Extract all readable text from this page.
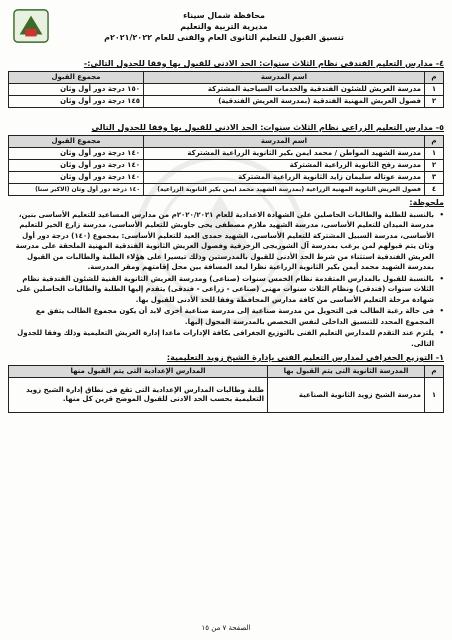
محافظة شمال سيناء
مديرية التربية والتعليم
تنسيق القبول للتعليم الثانوى العام والفنى للعام ٢٠٢١/٢٠٢٢م
٤- مدارس التعليم الفندقى نظام الثلاث سنوات: الحد الادنى للقبول بها وفقا للجدول التالى:-
م	اسم المدرسة	مجموع القبول
١	مدرسة العريش للشئون الفندقية والخدمات السياحية المشتركة	١٥٠ درجة دور أول وثان
٢	فصول العريش المهنية الفندقية (بمدرسة العريش الفندقية)	١٤٥ درجة دور أول وثان
٥- مدارس التعليم الزراعى نظام الثلاث سنوات: الحد الادنى للقبول بها وفقا للجدول التالى
م	اسم المدرسة	مجموع القبول
١	مدرسة الشهيد المواطن / محمد ايمن بكير الثانوية الزراعية المشتركة	١٤٠ درجة دور أول وثان
٢	مدرسة رفح الثانوية الزراعية المشتركة	١٤٠ درجة دور أول وثان
٣	مدرسة عوتاله سليمان زايد الثانوية الزراعية المشتركة	١٤٠ درجة دور أول وثان
٤	فصول العريش الثانوية المهنية الزراعية (بمدرسة الشهيد محمد ايمن بكير الثانوية الزراعية)	١٤٠ درجة دور أول وثان (الاكبر سنا)
ملحوظة:
• بالنسبة للطلبة والطالبات الحاصلين على الشهادة الاعدادية للعام ٢٠٢٠/٢٠٢١م من مدارس المساعيد للتعليم الأساسى بنين، مدرسة الميدان للتعليم الأساسى، مدرسة الشهيد ملازم مصطفى يحى جاويش للتعليم الأساسى، مدرسة زارع الخير للتعليم الأساسى، مدرسة السبيل المشتركة للتعليم الأساسى، الشهيد حمدى العيد للتعليم الأساسى: بمجموع (١٤٠) درجة دور أول وثان يتم قبولهم لمن يرغب بمدرسة آل الشوربجى الزخرفية وفصول العريش الثانوية الفندقية المهنية الملحقة على مدرسة العريش الفندقية استثناء من شرط الحد الأدنى للقبول بالمدرستين وذلك تيسيرا على هؤلاء الطلبة والطالبات من القبول بمدرسة الشهيد محمد أيمن بكير الثانوية الزراعية نظرا لبعد المسافة بين محل إقامتهم ومقر المدرسة.
• بالنسبة للقبول بالمدارس المتقدمة نظام الخمس سنوات (صناعى) ومدرسة العريش الثانوية الفنية للشئون الفندقية نظام الثلاث سنوات (فندقى) ونظام الثلاث سنوات مهنى (صناعى - زراعى - فندقى) يتقدم إليها الطلبة والطالبات الحاصلين على شهادة مرحلة التعليم الأساسى من كافة مدارس المحافظة وفقا للحد الأدنى للقبول بها.
• فى حالة رغبة الطالب فى التحويل من مدرسة صناعية إلى مدرسة صناعية أخرى لابد أن يكون مجموع الطالب يتفق مع المجموع المحدد للتنسيق الداخلى لنفس التخصص بالمدرسة المحول إليها.
• يلتزم عند التقدم للمدارس التعليم الفنى بالتوزيع الجغرافى بكافة الإدارات ماعدا إدارة العريش التعليمية وذلك وفقا للجدول التالى.
١- التوزيع الجغرافى لمدارس التعليم الفنى بإدارة الشيخ زويد التعليمية:
م	المدرسة الثانوية التى يتم القبول بها	المدارس الإعدادية التى يتم القبول منها
١	مدرسة الشيخ زويد الثانوية الصناعية	طلبة وطالبات المدارس الإعدادية التى تقع فى نطاق إدارة الشيخ زويد التعليمية بحسب الحد الادنى للقبول الموضح قرين كل منها.
الصفحة ٧ من ١٥
